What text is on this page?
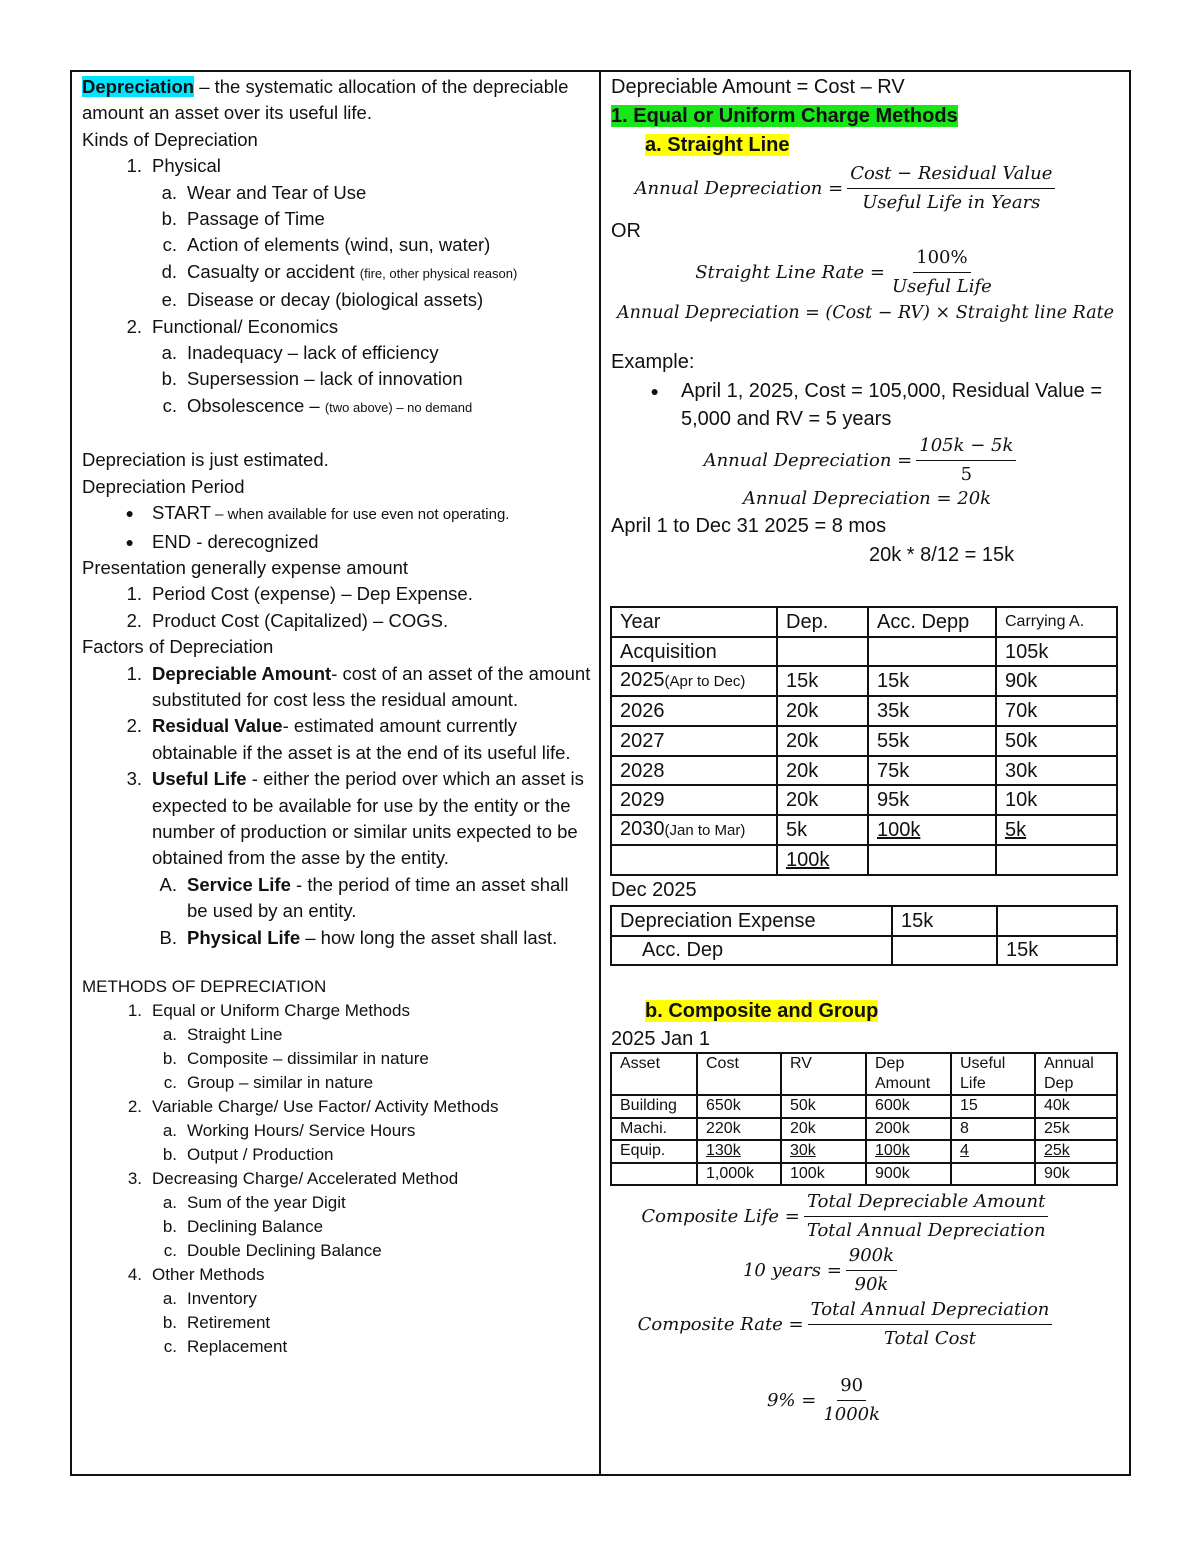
Depreciation – the systematic allocation of the depreciable amount an asset over its useful life.
Kinds of Depreciation
1. Physical
a. Wear and Tear of Use
b. Passage of Time
c. Action of elements (wind, sun, water)
d. Casualty or accident (fire, other physical reason)
e. Disease or decay (biological assets)
2. Functional/ Economics
a. Inadequacy – lack of efficiency
b. Supersession – lack of innovation
c. Obsolescence – (two above) – no demand
Depreciation is just estimated.
Depreciation Period
● START – when available for use even not operating.
● END - derecognized
Presentation generally expense amount
1. Period Cost (expense) – Dep Expense.
2. Product Cost (Capitalized) – COGS.
Factors of Depreciation
1. Depreciable Amount- cost of an asset of the amount substituted for cost less the residual amount.
2. Residual Value- estimated amount currently obtainable if the asset is at the end of its useful life.
3. Useful Life - either the period over which an asset is expected to be available for use by the entity or the number of production or similar units expected to be obtained from the asse by the entity.
A. Service Life - the period of time an asset shall be used by an entity.
B. Physical Life – how long the asset shall last.
METHODS OF DEPRECIATION
1. Equal or Uniform Charge Methods
a. Straight Line
b. Composite – dissimilar in nature
c. Group – similar in nature
2. Variable Charge/ Use Factor/ Activity Methods
a. Working Hours/ Service Hours
b. Output / Production
3. Decreasing Charge/ Accelerated Method
a. Sum of the year Digit
b. Declining Balance
c. Double Declining Balance
4. Other Methods
a. Inventory
b. Retirement
c. Replacement
Depreciable Amount = Cost – RV
1. Equal or Uniform Charge Methods
a. Straight Line
Annual Depreciation = $\frac{\text{Cost − Residual Value}}{\text{Useful Life in Years}}$
OR
Straight Line Rate = $\frac{100\%}{\text{Useful Life}}$
Annual Depreciation = (Cost − RV) × Straight line Rate
Example:
●	April 1, 2025, Cost = 105,000, Residual Value = 5,000 and RV = 5 years
Annual Depreciation = $\frac{105k - 5k}{5}$
Annual Depreciation = 20k
April 1 to Dec 31 2025 = 8 mos
20k * 8/12 = 15k
Year	Dep.	Acc. Depp	Carrying A.
Acquisition			105k
2025(Apr to Dec)	15k	15k	90k
2026	20k	35k	70k
2027	20k	55k	50k
2028	20k	75k	30k
2029	20k	95k	10k
2030(Jan to Mar)	5k	100k	5k
	100k		
Dec 2025
Depreciation Expense	15k	
Acc. Dep		15k
b. Composite and Group
2025 Jan 1
Asset	Cost	RV	Dep Amount	Useful Life	Annual Dep
Building	650k	50k	600k	15	40k
Machi.	220k	20k	200k	8	25k
Equip.	130k	30k	100k	4	25k
	1,000k	100k	900k		90k
Composite Life = $\frac{\text{Total Depreciable Amount}}{\text{Total Annual Depreciation}}$
10 years = $\frac{900k}{90k}$
Composite Rate = $\frac{\text{Total Annual Depreciation}}{\text{Total Cost}}$
$9\% = \frac{90}{1000k}$
